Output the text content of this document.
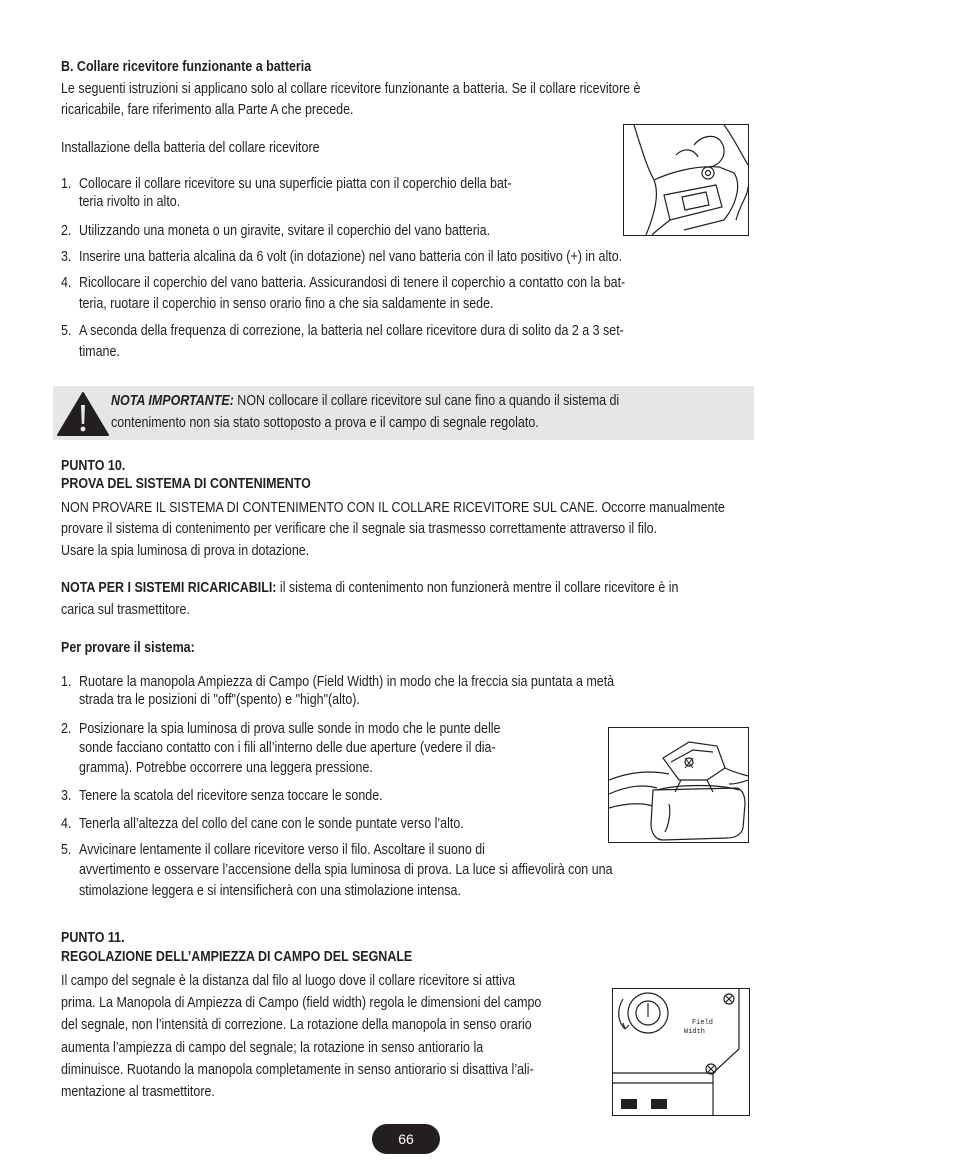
B. Collare ricevitore funzionante a batteria
Le seguenti istruzioni si applicano solo al collare ricevitore funzionante a batteria. Se il collare ricevitore è
ricaricabile, fare riferimento alla Parte A che precede.
Installazione della batteria del collare ricevitore
1. Collocare il collare ricevitore su una superficie piatta con il coperchio della bat-
teria rivolto in alto.
2. Utilizzando una moneta o un giravite, svitare il coperchio del vano batteria.
3. Inserire una batteria alcalina da 6 volt (in dotazione) nel vano batteria con il lato positivo (+) in alto.
4. Ricollocare il coperchio del vano batteria. Assicurandosi di tenere il coperchio a contatto con la bat-
teria, ruotare il coperchio in senso orario fino a che sia saldamente in sede.
5. A seconda della frequenza di correzione, la batteria nel collare ricevitore dura di solito da 2 a 3 set-
timane.
NOTA IMPORTANTE: NON collocare il collare ricevitore sul cane fino a quando il sistema di
contenimento non sia stato sottoposto a prova e il campo di segnale regolato.
PUNTO 10.
PROVA DEL SISTEMA DI CONTENIMENTO
NON PROVARE IL SISTEMA DI CONTENIMENTO CON IL COLLARE RICEVITORE SUL CANE. Occorre manualmente
provare il sistema di contenimento per verificare che il segnale sia trasmesso correttamente attraverso il filo.
Usare la spia luminosa di prova in dotazione.
NOTA PER I SISTEMI RICARICABILI: il sistema di contenimento non funzionerà mentre il collare ricevitore è in
carica sul trasmettitore.
Per provare il sistema:
1. Ruotare la manopola Ampiezza di Campo (Field Width) in modo che la freccia sia puntata a metà
strada tra le posizioni di "off"(spento) e "high"(alto).
2. Posizionare la spia luminosa di prova sulle sonde in modo che le punte delle
sonde facciano contatto con i fili all’interno delle due aperture (vedere il dia-
gramma). Potrebbe occorrere una leggera pressione.
3. Tenere la scatola del ricevitore senza toccare le sonde.
4. Tenerla all’altezza del collo del cane con le sonde puntate verso l’alto.
5. Avvicinare lentamente il collare ricevitore verso il filo. Ascoltare il suono di
avvertimento e osservare l’accensione della spia luminosa di prova. La luce si affievolirà con una
stimolazione leggera e si intensificherà con una stimolazione intensa.
PUNTO 11.
REGOLAZIONE DELL’AMPIEZZA DI CAMPO DEL SEGNALE
Il campo del segnale è la distanza dal filo al luogo dove il collare ricevitore si attiva
prima. La Manopola di Ampiezza di Campo (field width) regola le dimensioni del campo
del segnale, non l’intensità di correzione. La rotazione della manopola in senso orario
aumenta l’ampiezza di campo del segnale; la rotazione in senso antiorario la
diminuisce. Ruotando la manopola completamente in senso antiorario si disattiva l’ali-
mentazione al trasmettitore.
Field
Width
66
